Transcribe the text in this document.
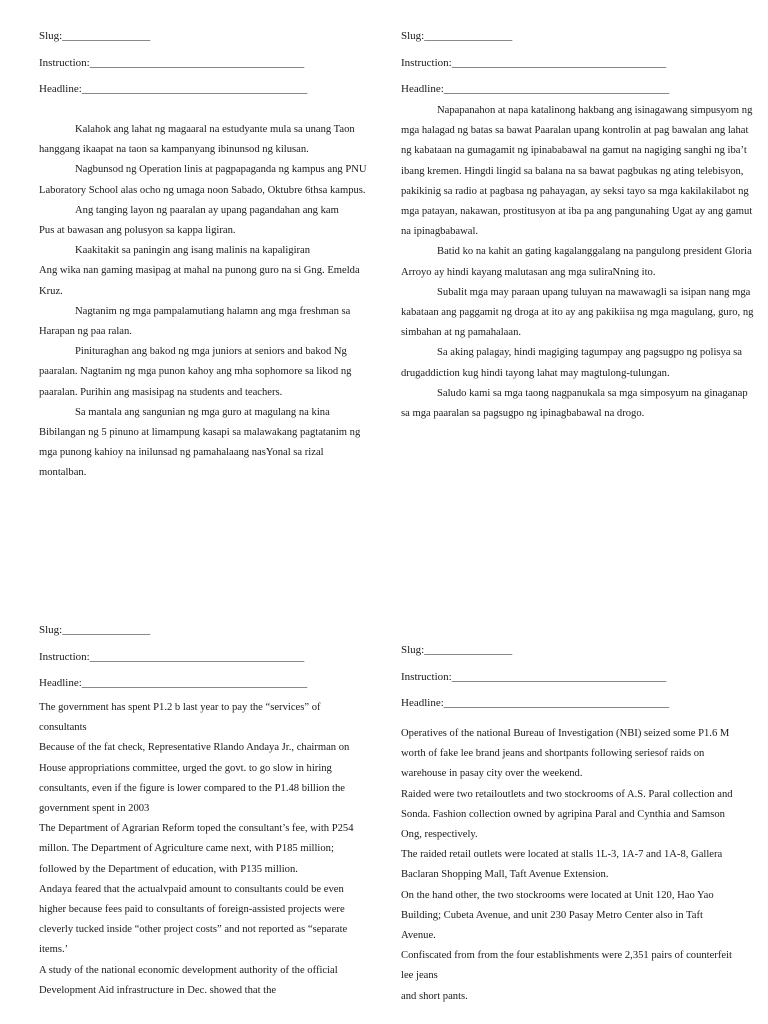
Slug:________________

Instruction:_______________________________________

Headline:_________________________________________

Kalahok ang lahat ng magaaral na estudyante mula sa unang Taon hanggang ikaapat na taon sa kampanyang ibinunsod ng kilusan.

Nagbunsod ng Operation linis at pagpapaganda ng kampus ang PNU Laboratory School alas ocho ng umaga noon Sabado, Oktubre 6thsa kampus.

Ang tanging layon ng paaralan ay upang pagandahan ang kam

Pus at bawasan ang polusyon sa kappa ligiran.

Kaakitakit sa paningin ang isang malinis na kapaligiran

Ang wika nan gaming masipag at mahal na punong guro na si Gng. Emelda Kruz.

Nagtanim ng mga pampalamutiang halamn ang mga freshman sa Harapan ng paa ralan.

Pinituraghan ang bakod ng mga juniors at seniors and bakod Ng paaralan. Nagtanim ng mga punon kahoy ang mha sophomore sa likod ng paaralan. Purihin ang masisipag na students and teachers.

Sa mantala ang sangunian ng mga guro at magulang na kina Bibilangan ng 5 pinuno at limampung kasapi sa malawakang pagtatanim ng mga punong kahioy na inilunsad ng pamahalaang nasYonal sa rizal montalban.

Slug:________________

Instruction:_______________________________________

Headline:_________________________________________

Napapanahon at napa katalinong hakbang ang isinagawang simpusyom ng mga halagad ng batas sa bawat Paaralan upang kontrolin at pag bawalan ang lahat ng kabataan na gumagamit ng ipinababawal na gamut na nagiging sanghi ng iba’t ibang kremen. Hingdi lingid sa balana na sa bawat pagbukas ng ating telebisyon, pakikinig sa radio at pagbasa ng pahayagan, ay seksi tayo sa mga kakilakilabot ng mga patayan, nakawan, prostitusyon at iba pa ang pangunahing Ugat ay ang gamut na ipinagbabawal.

Batid ko na kahit an gating kagalanggalang na pangulong president Gloria Arroyo ay hindi kayang malutasan ang mga suliraNning ito.

Subalit mga may paraan upang tuluyan na mawawagli sa isipan nang mga kabataan ang paggamit ng droga at ito ay ang pakikiisa ng mga magulang, guro, ng simbahan at ng pamahalaan.

Sa aking palagay, hindi magiging tagumpay ang pagsugpo ng polisya sa drugaddiction kug hindi tayong lahat may magtulong-tulungan.

Saludo kami sa mga taong nagpanukala sa mga simposyum na ginaganap sa mga paaralan sa pagsugpo ng ipinagbabawal na drogo.

Slug:________________

Instruction:_______________________________________

Headline:_________________________________________

The government has spent P1.2 b last year to pay the “services” of consultants

Because of the fat check, Representative Rlando Andaya Jr., chairman on House appropriations committee, urged the govt. to go slow in hiring consultants, even if the figure is lower compared to the P1.48 billion the government spent in 2003

The Department of Agrarian Reform toped the consultant’s fee, with P254 millon. The Department of Agriculture came next, with P185 million; followed by the Department of education, with P135 million.

Andaya feared that the actualvpaid amount to consultants could be even higher because fees paid to consultants of foreign-assisted projects were cleverly tucked inside “other project costs” and not reported as “separate items.’

A study of the national economic development authority of the official Development Aid infrastructure in Dec. showed that the

Slug:________________

Instruction:_______________________________________

Headline:_________________________________________

Operatives of the national Bureau of Investigation (NBI) seized some P1.6 M worth of fake lee brand jeans and shortpants following seriesof raids on warehouse in pasay city over the weekend.

Raided were two retailoutlets and two stockrooms of A.S. Paral collection and Sonda. Fashion collection owned by agripina Paral and Cynthia and Samson Ong, respectively.

The raided retail outlets were located at stalls 1L-3, 1A-7 and 1A-8, Gallera Baclaran Shopping Mall, Taft Avenue Extension.

On the hand other, the two stockrooms were located at Unit 120, Hao Yao Building; Cubeta Avenue, and unit 230 Pasay Metro Center also in Taft Avenue.

Confiscated from from the four establishments were 2,351 pairs of counterfeit lee jeans

and short pants.
